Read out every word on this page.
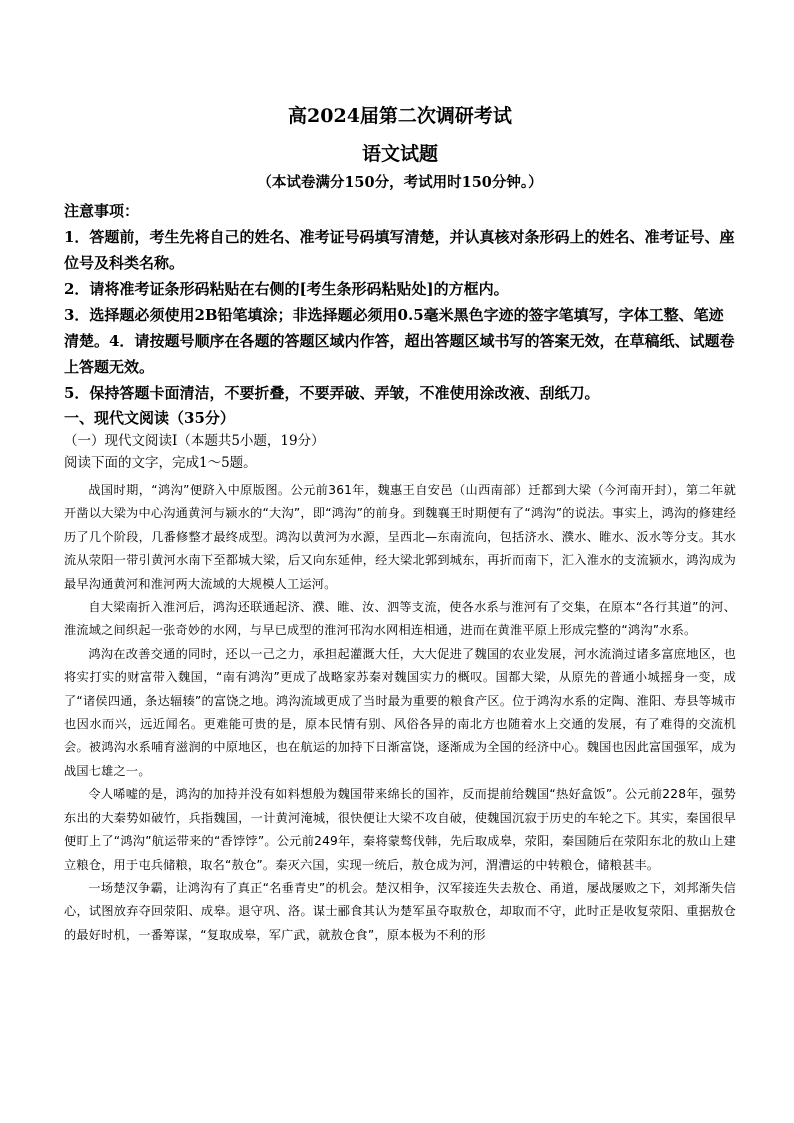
高2024届第二次调研考试
语文试题
（本试卷满分150分，考试用时150分钟。）

注意事项：

1．答题前，考生先将自己的姓名、准考证号码填写清楚，并认真核对条形码上的姓名、准考证号、座位号及科类名称。

2．请将准考证条形码粘贴在右侧的[考生条形码粘贴处]的方框内。

3．选择题必须使用2B铅笔填涂；非选择题必须用0.5毫米黑色字迹的签字笔填写，字体工整、笔迹清楚。4．请按题号顺序在各题的答题区域内作答，超出答题区域书写的答案无效，在草稿纸、试题卷上答题无效。

5．保持答题卡面清洁，不要折叠，不要弄破、弄皱，不准使用涂改液、刮纸刀。

一、现代文阅读（35分）

（一）现代文阅读Ⅰ（本题共5小题，19分）

阅读下面的文字，完成1～5题。

战国时期，“鸿沟”便跻入中原版图。公元前361年，魏惠王自安邑（山西南部）迁都到大梁（今河南开封），第二年就开凿以大梁为中心沟通黄河与颍水的“大沟”，即“鸿沟”的前身。到魏襄王时期便有了“鸿沟”的说法。事实上，鸿沟的修建经历了几个阶段，几番修整才最终成型。鸿沟以黄河为水源，呈西北—东南流向，包括济水、濮水、睢水、汳水等分支。其水流从荥阳一带引黄河水南下至都城大梁，后又向东延伸，经大梁北郭到城东，再折而南下，汇入淮水的支流颍水，鸿沟成为最早沟通黄河和淮河两大流域的大规模人工运河。

自大梁南折入淮河后，鸿沟还联通起济、濮、睢、汝、泗等支流，使各水系与淮河有了交集，在原本“各行其道”的河、淮流域之间织起一张奇妙的水网，与早已成型的淮河邗沟水网相连相通，进而在黄淮平原上形成完整的“鸿沟”水系。

鸿沟在改善交通的同时，还以一己之力，承担起灌溉大任，大大促进了魏国的农业发展，河水流淌过诸多富庶地区，也将实打实的财富带入魏国，“南有鸿沟”更成了战略家苏秦对魏国实力的概叹。国都大梁，从原先的普通小城摇身一变，成了“诸侯四通，条达辐辏”的富饶之地。鸿沟流域更成了当时最为重要的粮食产区。位于鸿沟水系的定陶、淮阳、寿县等城市也因水而兴，远近闻名。更难能可贵的是，原本民情有别、风俗各异的南北方也随着水上交通的发展，有了难得的交流机会。被鸿沟水系哺育滋润的中原地区，也在航运的加持下日渐富饶，逐渐成为全国的经济中心。魏国也因此富国强军，成为战国七雄之一。

令人唏嘘的是，鸿沟的加持并没有如料想般为魏国带来绵长的国祚，反而提前给魏国“热好盒饭”。公元前228年，强势东出的大秦势如破竹，兵指魏国，一计黄河淹城，很快便让大梁不攻自破，使魏国沉寂于历史的车轮之下。其实，秦国很早便盯上了“鸿沟”航运带来的“香饽饽”。公元前249年，秦将蒙骜伐韩，先后取成皋，荥阳，秦国随后在荥阳东北的敖山上建立粮仓，用于屯兵储粮，取名“敖仓”。秦灭六国，实现一统后，敖仓成为河，渭漕运的中转粮仓，储粮甚丰。

一场楚汉争霸，让鸿沟有了真正“名垂青史”的机会。楚汉相争，汉军接连失去敖仓、甬道，屡战屡败之下，刘邦渐失信心，试图放弃夺回荥阳、成皋。退守巩、洛。谋士郦食其认为楚军虽夺取敖仓，却取而不守，此时正是收复荥阳、重据敖仓的最好时机，一番筹谋，“复取成皋，军广武，就敖仓食”，原本极为不利的形
